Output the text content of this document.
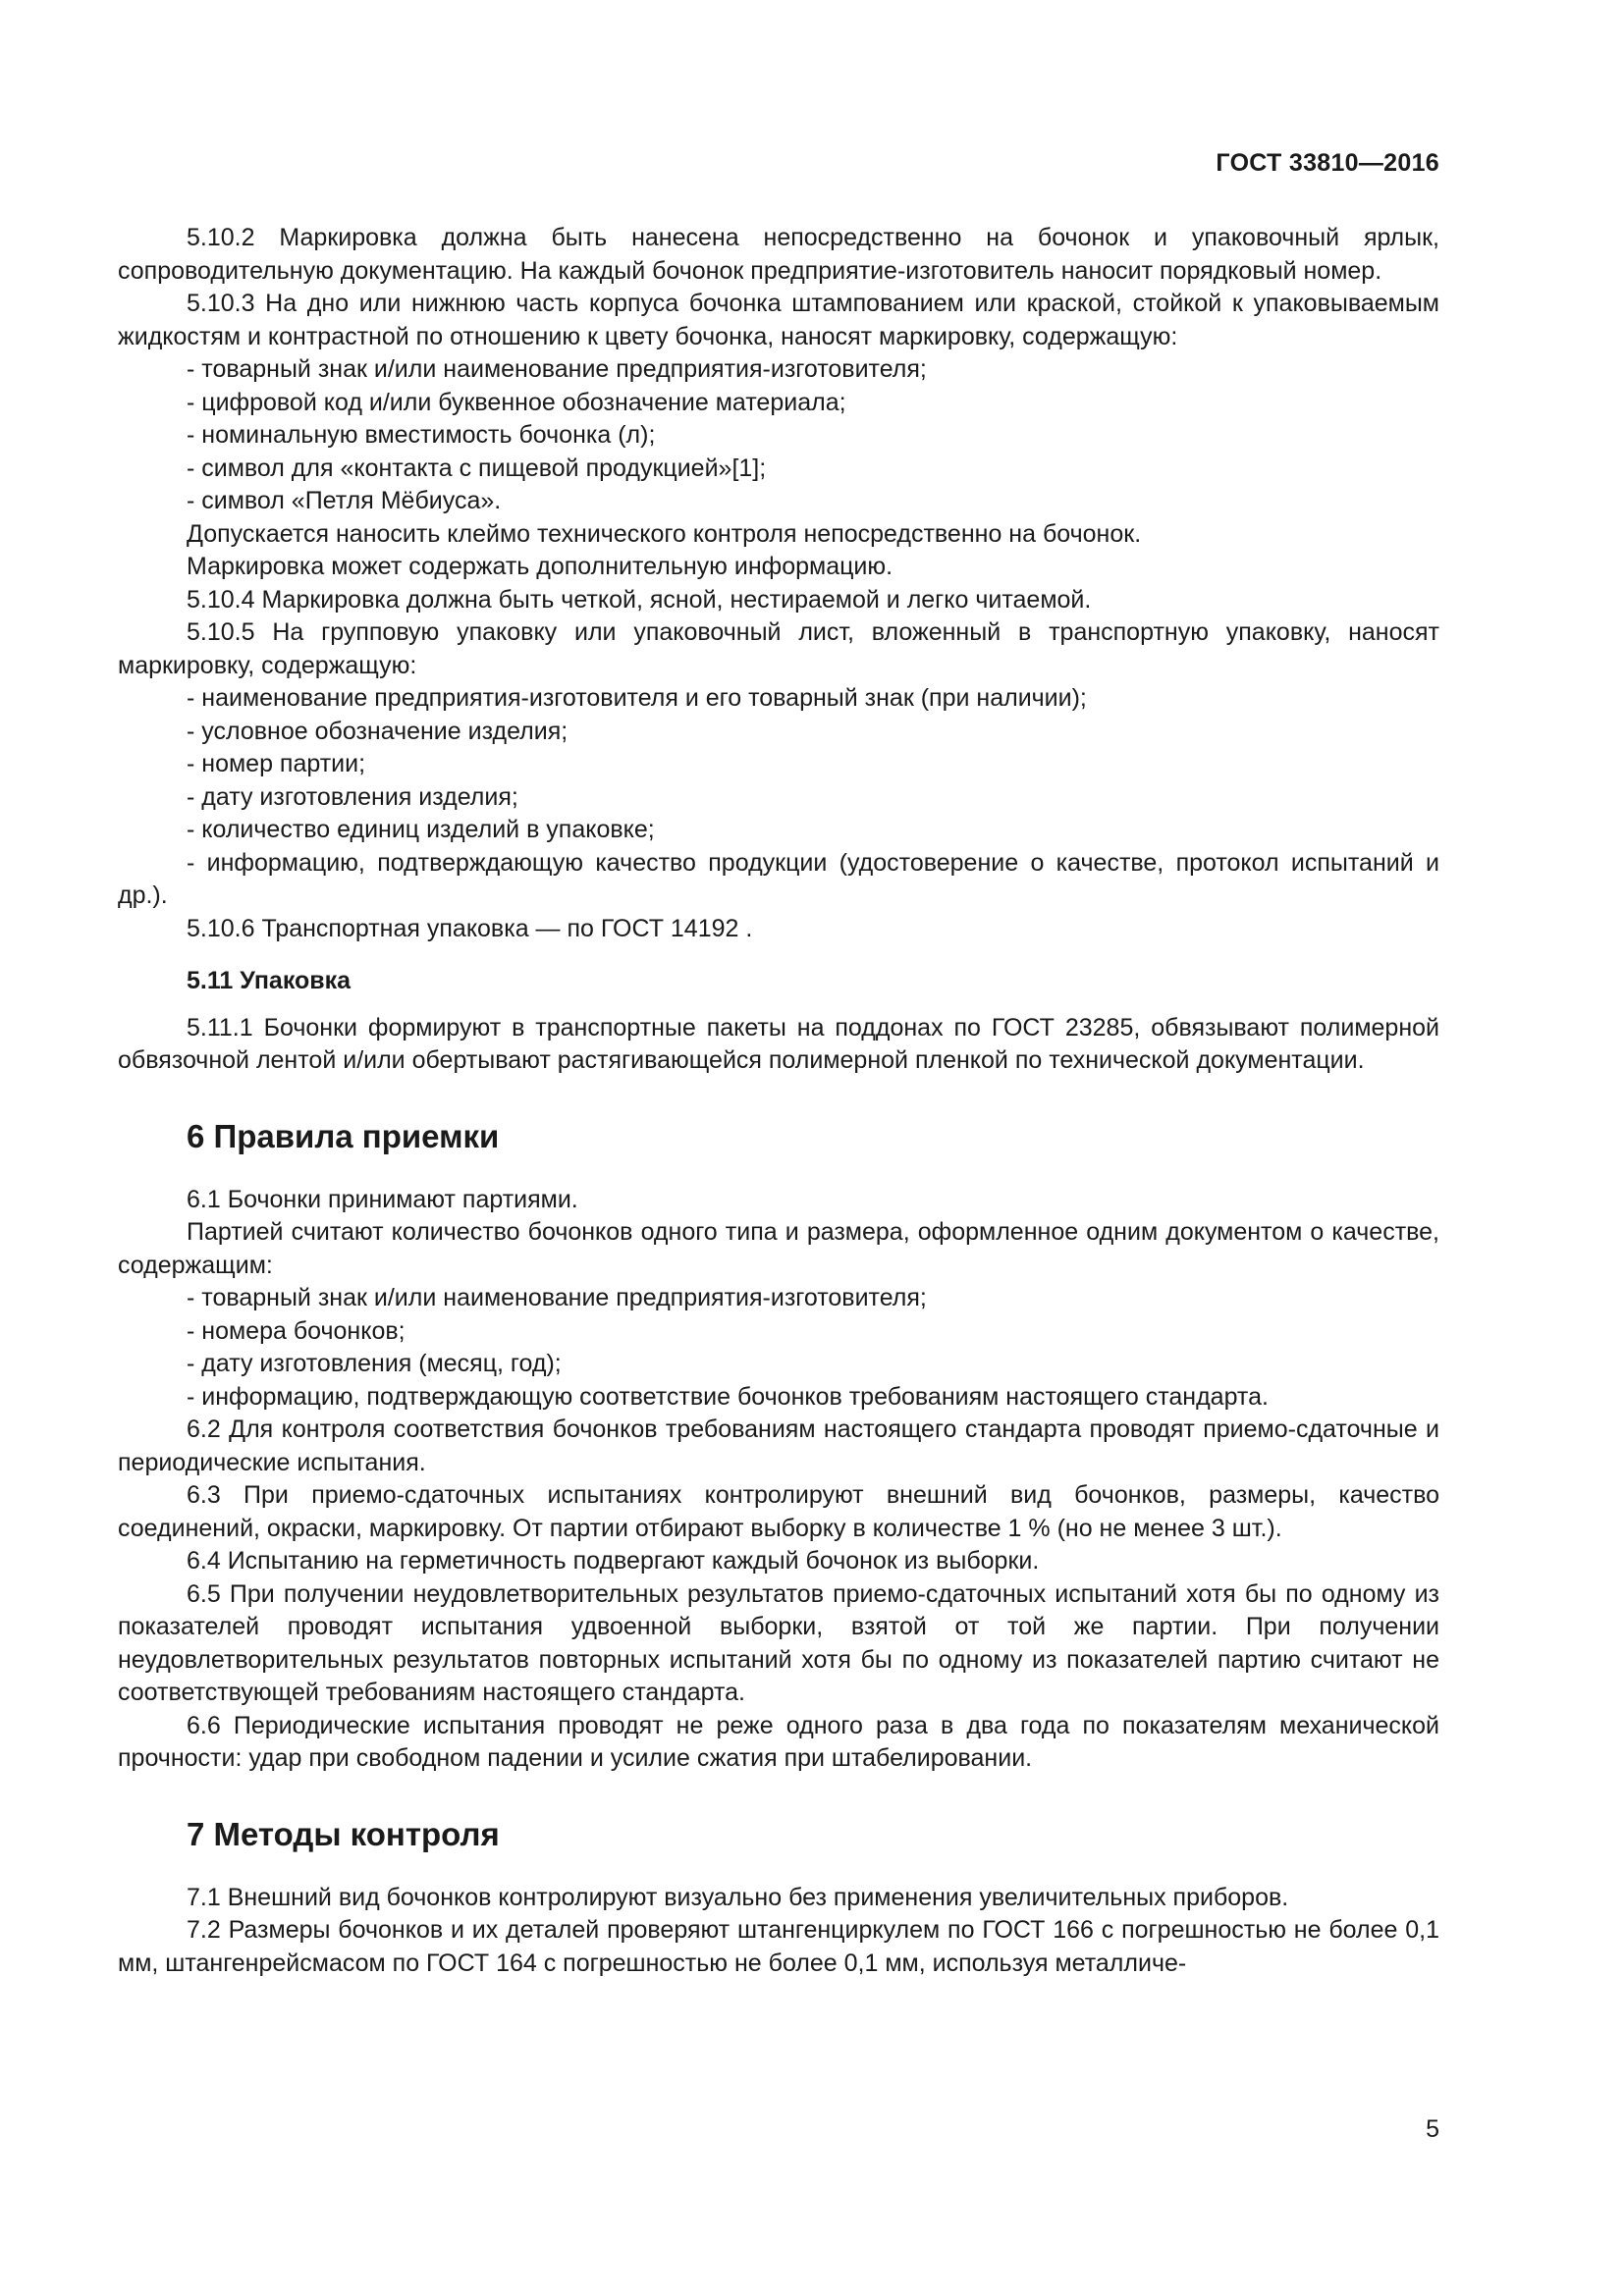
ГОСТ 33810—2016
5.10.2 Маркировка должна быть нанесена непосредственно на бочонок и упаковочный ярлык, сопроводительную документацию. На каждый бочонок предприятие-изготовитель наносит порядковый номер.
5.10.3 На дно или нижнюю часть корпуса бочонка штампованием или краской, стойкой к упаковываемым жидкостям и контрастной по отношению к цвету бочонка, наносят маркировку, содержащую:
- товарный знак и/или наименование предприятия-изготовителя;
- цифровой код и/или буквенное обозначение материала;
- номинальную вместимость бочонка (л);
- символ для «контакта с пищевой продукцией»[1];
- символ «Петля Мёбиуса».
Допускается наносить клеймо технического контроля непосредственно на бочонок.
Маркировка может содержать дополнительную информацию.
5.10.4 Маркировка должна быть четкой, ясной, нестираемой и легко читаемой.
5.10.5 На групповую упаковку или упаковочный лист, вложенный в транспортную упаковку, наносят маркировку, содержащую:
- наименование предприятия-изготовителя и его товарный знак (при наличии);
- условное обозначение изделия;
- номер партии;
- дату изготовления изделия;
- количество единиц изделий в упаковке;
- информацию, подтверждающую качество продукции (удостоверение о качестве, протокол испытаний и др.).
5.10.6 Транспортная упаковка — по ГОСТ 14192 .
5.11 Упаковка
5.11.1 Бочонки формируют в транспортные пакеты на поддонах по ГОСТ 23285, обвязывают полимерной обвязочной лентой и/или обертывают растягивающейся полимерной пленкой по технической документации.
6 Правила приемки
6.1 Бочонки принимают партиями.
Партией считают количество бочонков одного типа и размера, оформленное одним документом о качестве, содержащим:
- товарный знак и/или наименование предприятия-изготовителя;
- номера бочонков;
- дату изготовления (месяц, год);
- информацию, подтверждающую соответствие бочонков требованиям настоящего стандарта.
6.2 Для контроля соответствия бочонков требованиям настоящего стандарта проводят приемо-сдаточные и периодические испытания.
6.3 При приемо-сдаточных испытаниях контролируют внешний вид бочонков, размеры, качество соединений, окраски, маркировку. От партии отбирают выборку в количестве 1 % (но не менее 3 шт.).
6.4 Испытанию на герметичность подвергают каждый бочонок из выборки.
6.5 При получении неудовлетворительных результатов приемо-сдаточных испытаний хотя бы по одному из показателей проводят испытания удвоенной выборки, взятой от той же партии. При получении неудовлетворительных результатов повторных испытаний хотя бы по одному из показателей партию считают не соответствующей требованиям настоящего стандарта.
6.6 Периодические испытания проводят не реже одного раза в два года по показателям механической прочности: удар при свободном падении и усилие сжатия при штабелировании.
7 Методы контроля
7.1 Внешний вид бочонков контролируют визуально без применения увеличительных приборов.
7.2 Размеры бочонков и их деталей проверяют штангенциркулем по ГОСТ 166 с погрешностью не более 0,1 мм, штангенрейсмасом по ГОСТ 164 с погрешностью не более 0,1 мм, используя металличе-
5
